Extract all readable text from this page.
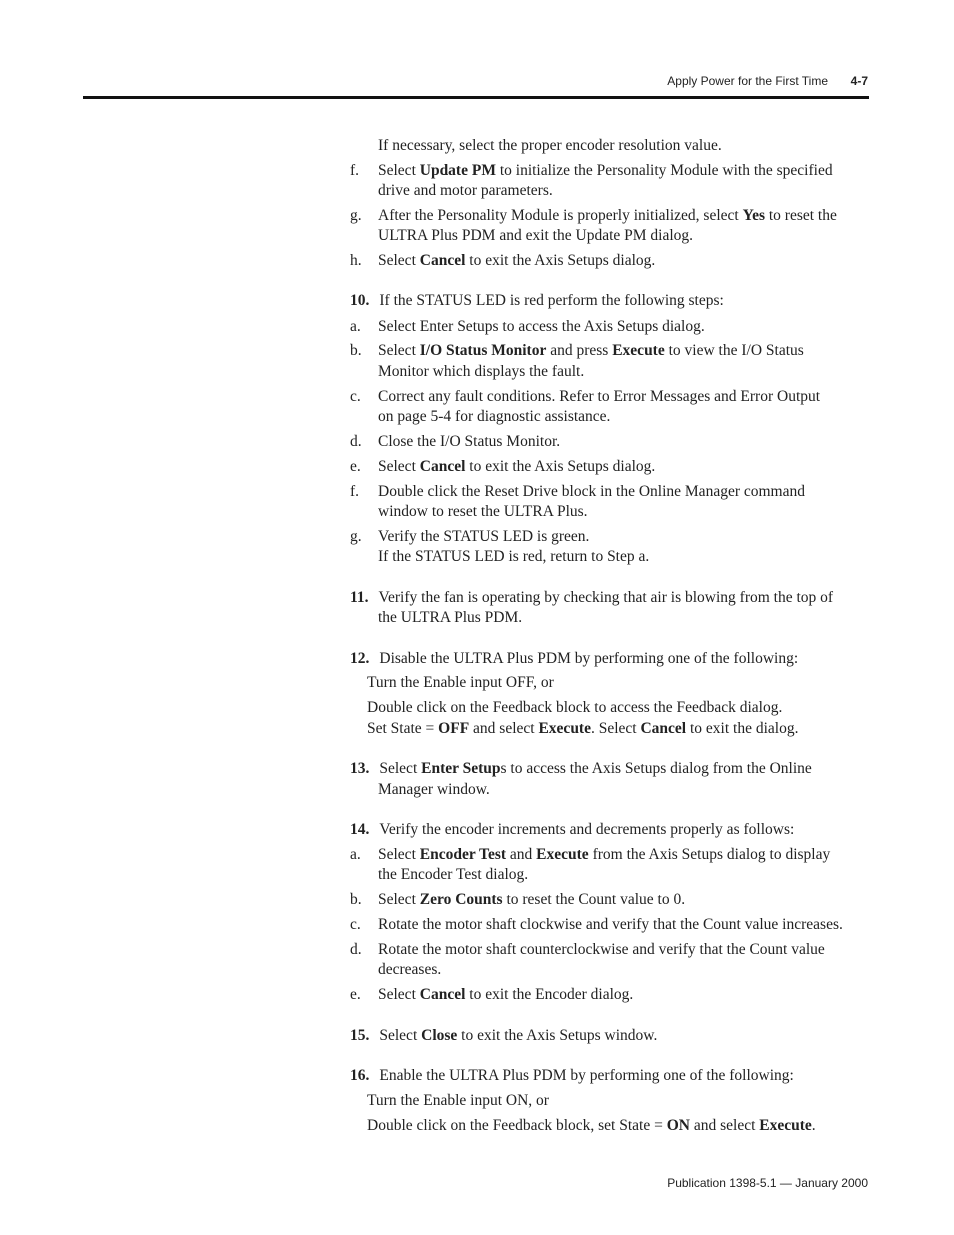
Apply Power for the First Time 4-7
If necessary, select the proper encoder resolution value.
f. Select Update PM to initialize the Personality Module with the specified
drive and motor parameters.
g. After the Personality Module is properly initialized, select Yes to reset the
ULTRA Plus PDM and exit the Update PM dialog.
h. Select Cancel to exit the Axis Setups dialog.
10. If the STATUS LED is red perform the following steps:
a. Select Enter Setups to access the Axis Setups dialog.
b. Select I/O Status Monitor and press Execute to view the I/O Status
Monitor which displays the fault.
c. Correct any fault conditions. Refer to Error Messages and Error Output
on page 5-4 for diagnostic assistance.
d. Close the I/O Status Monitor.
e. Select Cancel to exit the Axis Setups dialog.
f. Double click the Reset Drive block in the Online Manager command
window to reset the ULTRA Plus.
g. Verify the STATUS LED is green.
If the STATUS LED is red, return to Step a.
11. Verify the fan is operating by checking that air is blowing from the top of
the ULTRA Plus PDM.
12. Disable the ULTRA Plus PDM by performing one of the following:
Turn the Enable input OFF, or
Double click on the Feedback block to access the Feedback dialog.
Set State = OFF and select Execute. Select Cancel to exit the dialog.
13. Select Enter Setups to access the Axis Setups dialog from the Online
Manager window.
14. Verify the encoder increments and decrements properly as follows:
a. Select Encoder Test and Execute from the Axis Setups dialog to display
the Encoder Test dialog.
b. Select Zero Counts to reset the Count value to 0.
c. Rotate the motor shaft clockwise and verify that the Count value increases.
d. Rotate the motor shaft counterclockwise and verify that the Count value
decreases.
e. Select Cancel to exit the Encoder dialog.
15. Select Close to exit the Axis Setups window.
16. Enable the ULTRA Plus PDM by performing one of the following:
Turn the Enable input ON, or
Double click on the Feedback block, set State = ON and select Execute.
Publication 1398-5.1 — January 2000
